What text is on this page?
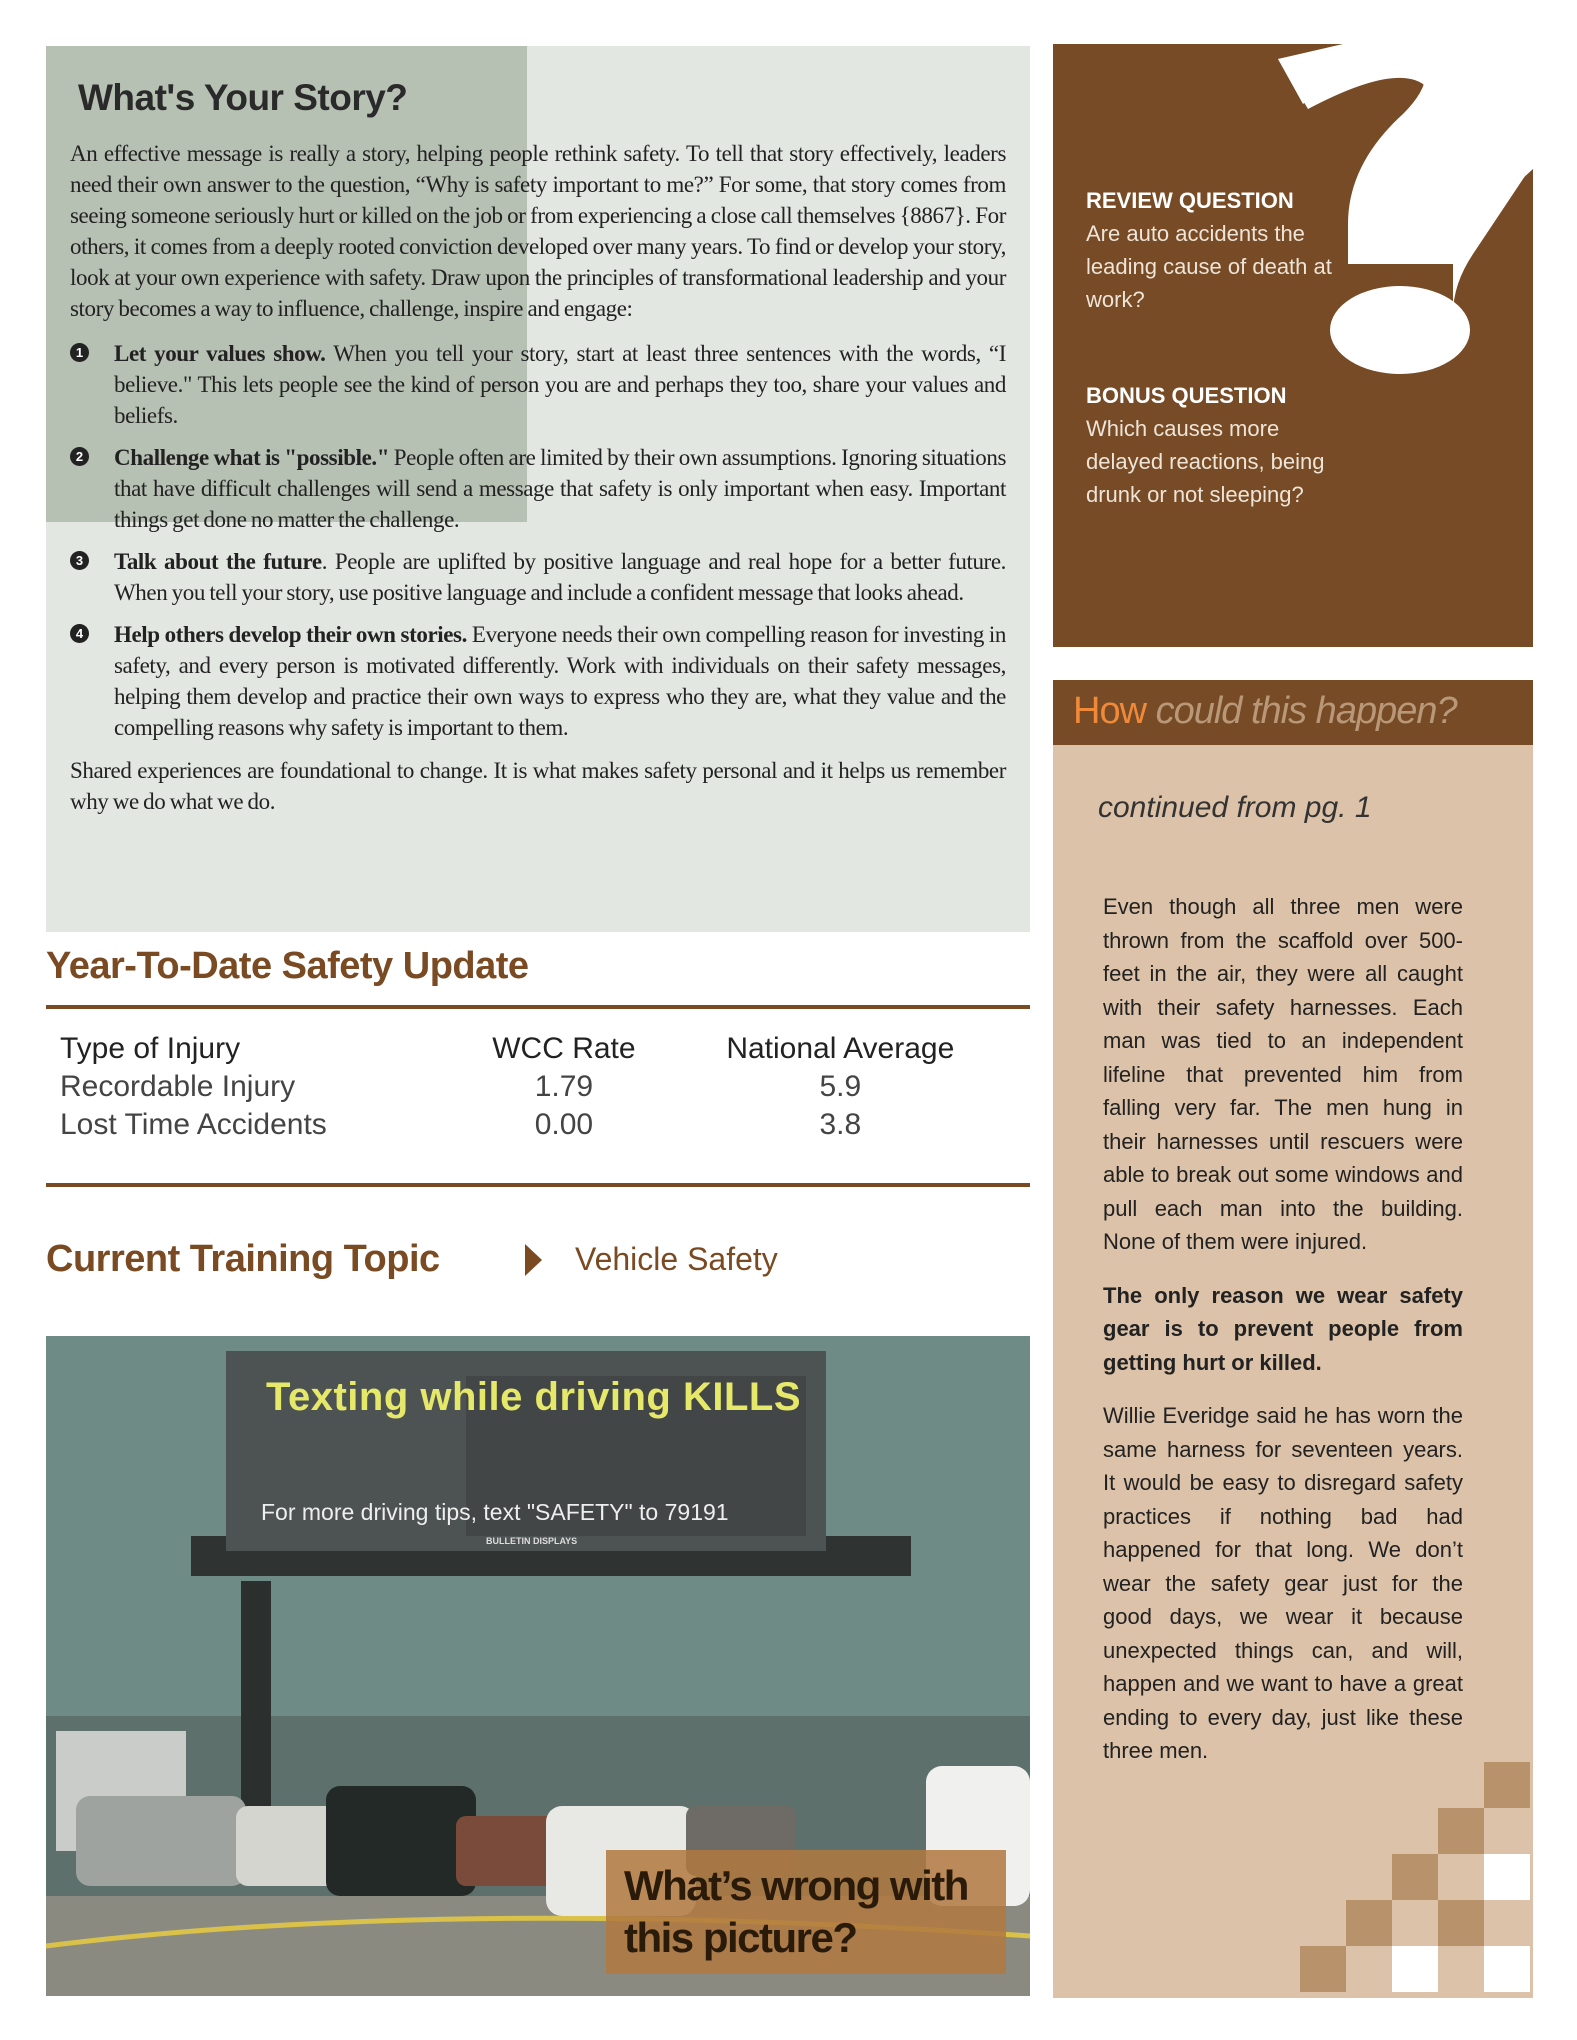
What's Your Story?

An effective message is really a story, helping people rethink safety. To tell that story effectively, leaders need their own answer to the question, “Why is safety important to me?” For some, that story comes from seeing someone seriously hurt or killed on the job or from experiencing a close call themselves {8867}. For others, it comes from a deeply rooted conviction developed over many years. To find or develop your story, look at your own experience with safety. Draw upon the principles of transformational leadership and your story becomes a way to influence, challenge, inspire and engage:

1 Let your values show. When you tell your story, start at least three sentences with the words, “I believe." This lets people see the kind of person you are and perhaps they too, share your values and beliefs.
2 Challenge what is "possible." People often are limited by their own assumptions. Ignoring situations that have difficult challenges will send a message that safety is only important when easy. Important things get done no matter the challenge.
3 Talk about the future. People are uplifted by positive language and real hope for a better future. When you tell your story, use positive language and include a confident message that looks ahead.
4 Help others develop their own stories. Everyone needs their own compelling reason for investing in safety, and every person is motivated differently. Work with individuals on their safety messages, helping them develop and practice their own ways to express who they are, what they value and the compelling reasons why safety is important to them.

Shared experiences are foundational to change. It is what makes safety personal and it helps us remember why we do what we do.

Year-To-Date Safety Update
Type of Injury	WCC Rate	National Average
Recordable Injury	1.79	5.9
Lost Time Accidents	0.00	3.8
Current Training Topic	Vehicle Safety
Texting while driving KILLS
For more driving tips, text "SAFETY" to 79191
BULLETIN DISPLAYS
What’s wrong with this picture?
REVIEW QUESTION
Are auto accidents the leading cause of death at work?
BONUS QUESTION
Which causes more delayed reactions, being drunk or not sleeping?
How could this happen?
continued from pg. 1

Even though all three men were thrown from the scaffold over 500-feet in the air, they were all caught with their safety harnesses. Each man was tied to an independent lifeline that prevented him from falling very far. The men hung in their harnesses until rescuers were able to break out some windows and pull each man into the building. None of them were injured.

The only reason we wear safety gear is to prevent people from getting hurt or killed.

Willie Everidge said he has worn the same harness for seventeen years. It would be easy to disregard safety practices if nothing bad had happened for that long. We don’t wear the safety gear just for the good days, we wear it because unexpected things can, and will, happen and we want to have a great ending to every day, just like these three men.
